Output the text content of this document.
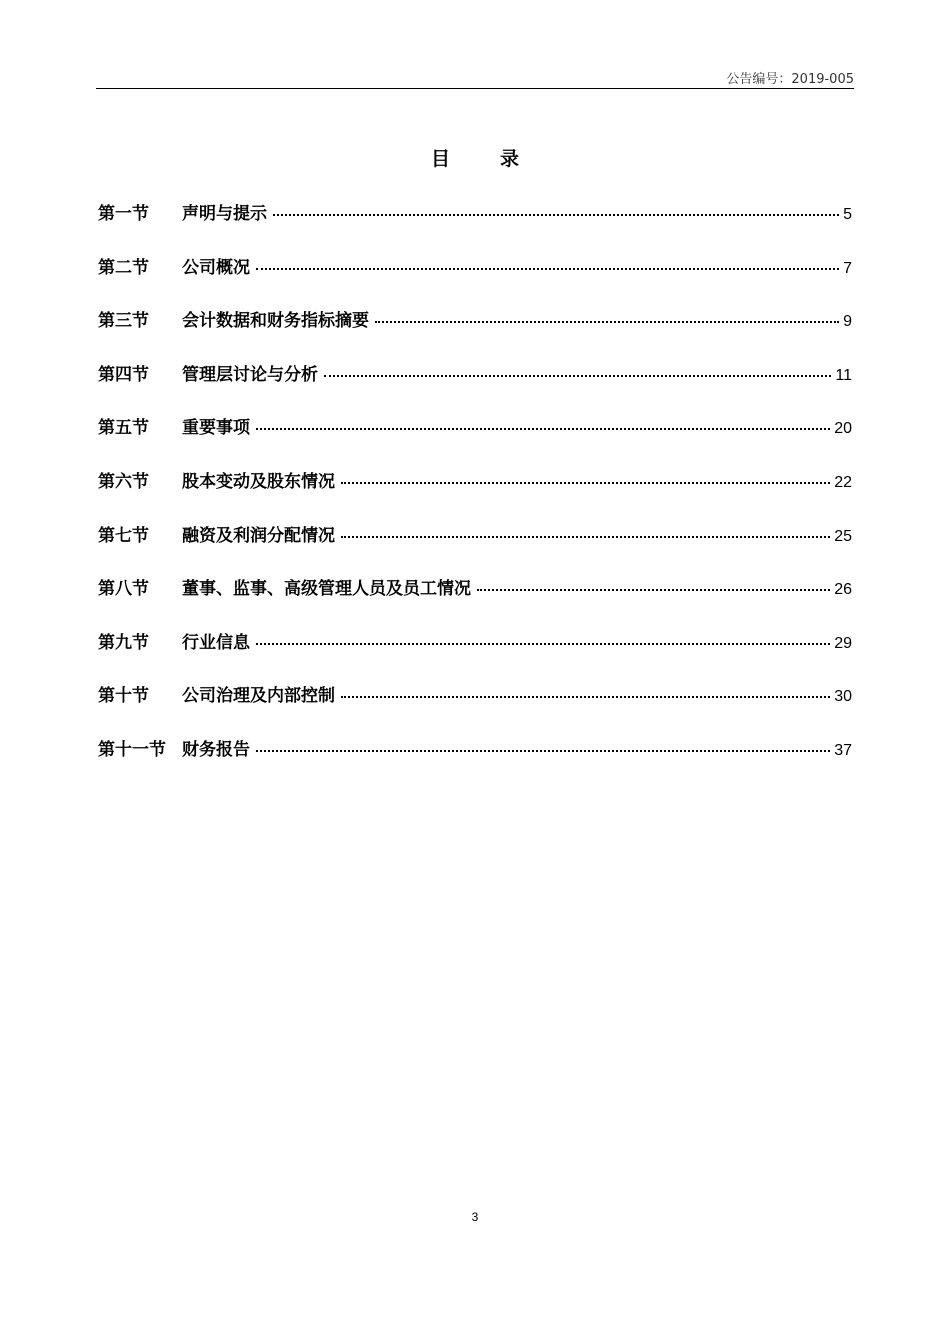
公告编号：2019-005
目录
第一节	声明与提示	5
第二节	公司概况	7
第三节	会计数据和财务指标摘要	9
第四节	管理层讨论与分析	11
第五节	重要事项	20
第六节	股本变动及股东情况	22
第七节	融资及利润分配情况	25
第八节	董事、监事、高级管理人员及员工情况	26
第九节	行业信息	29
第十节	公司治理及内部控制	30
第十一节 财务报告	37
3
